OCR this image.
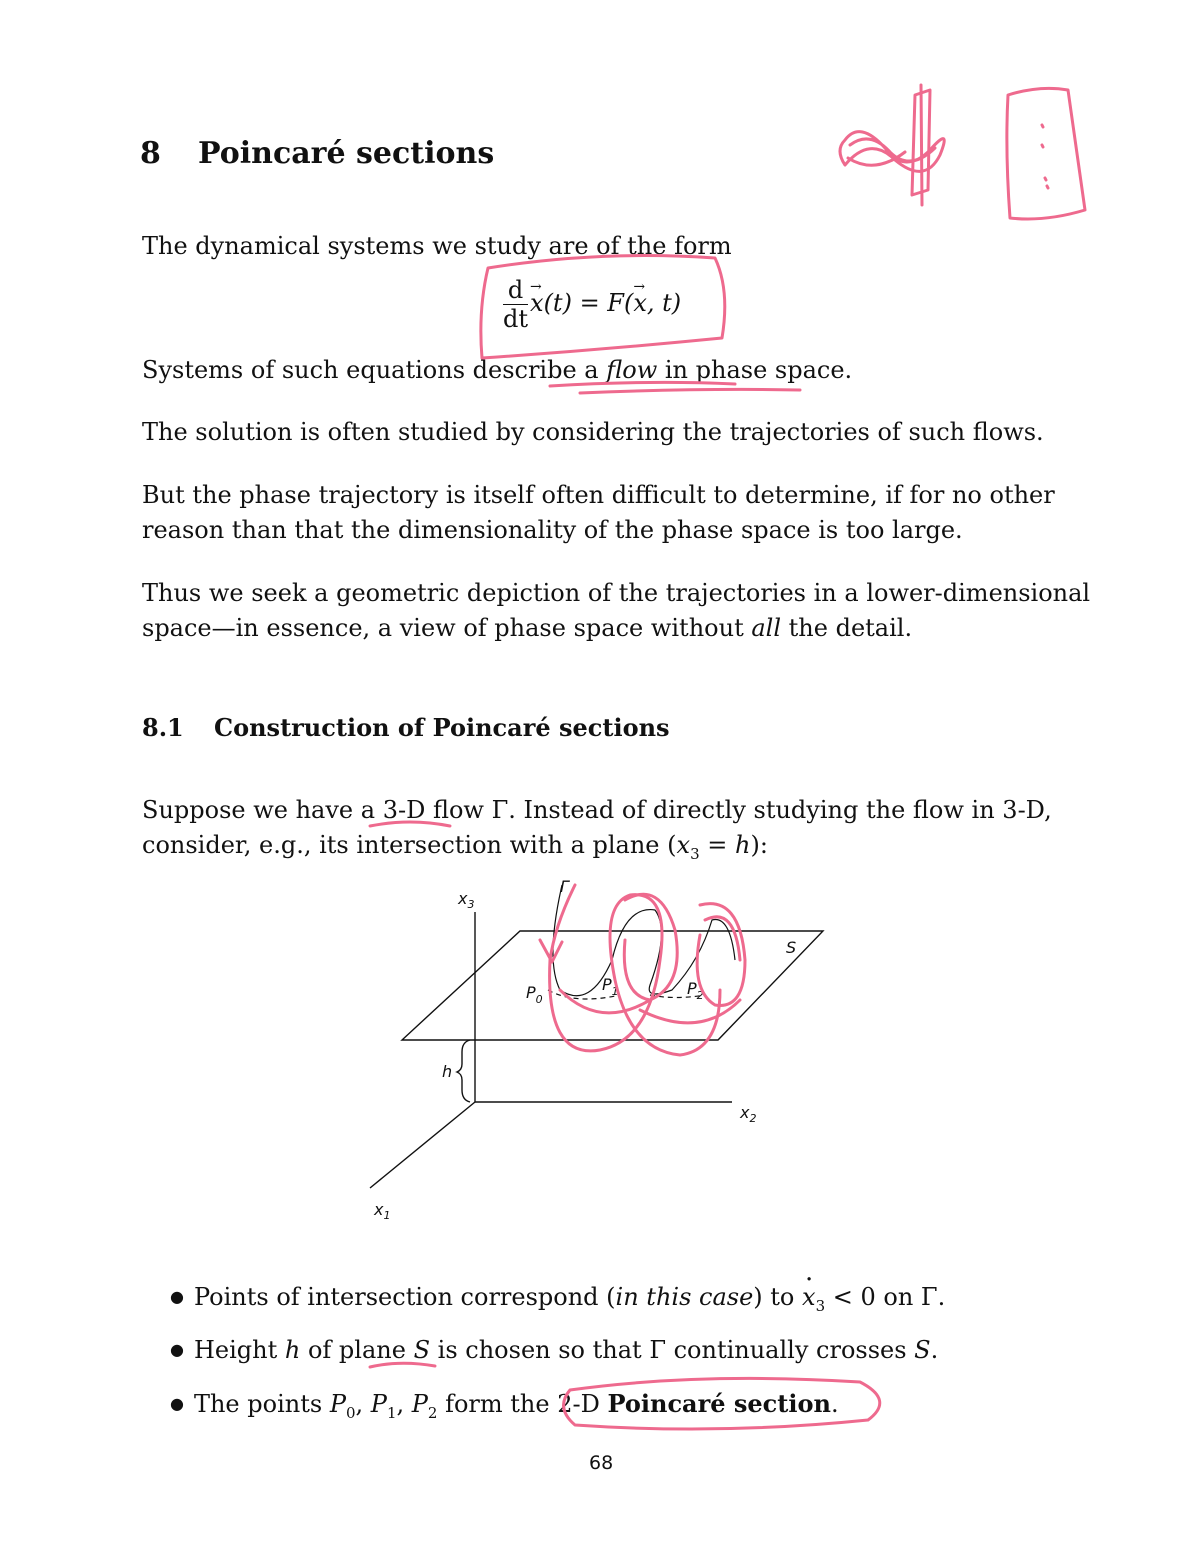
8 Poincaré sections

The dynamical systems we study are of the form

$\frac{d}{dt}$
→ x(t) = F(→ x, t)

Systems of such equations describe a flow in phase space.

The solution is often studied by considering the trajectories of such flows.

But the phase trajectory is itself often difficult to determine, if for no other

reason than that the dimensionality of the phase space is too large.

Thus we seek a geometric depiction of the trajectories in a lower-dimensional

space—in essence, a view of phase space without all the detail.

8.1 Construction of Poincaré sections

Suppose we have a 3-D flow Γ. Instead of directly studying the flow in 3-D,

consider, e.g., its intersection with a plane $(x_3 = h)$:

$x_3$
$x_2$
$x_1$
h
S
Γ
$P_0$
$P_1$	$P_2$

● Points of intersection correspond (in this case) to · $x_3 < 0$ on Γ.

● Height h of plane S is chosen so that Γ continually crosses S.

● The points $P_0$, $P_1$, $P_2$ form the 2-D Poincaré section.

68
